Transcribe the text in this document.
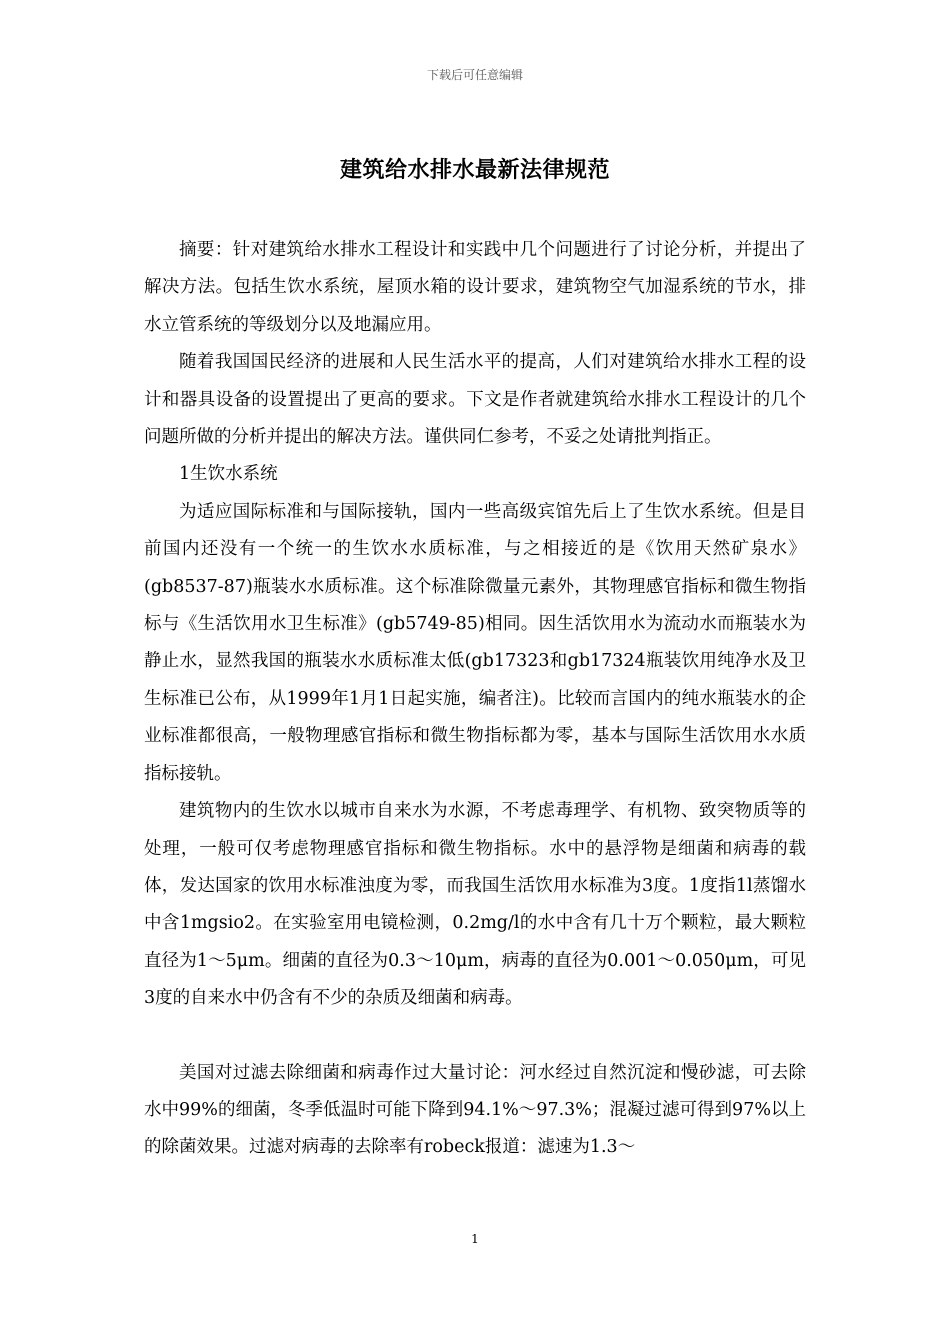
下载后可任意编辑
建筑给水排水最新法律规范

摘要：针对建筑给水排水工程设计和实践中几个问题进行了讨论分析，并提出了解决方法。包括生饮水系统，屋顶水箱的设计要求，建筑物空气加湿系统的节水，排水立管系统的等级划分以及地漏应用。

随着我国国民经济的进展和人民生活水平的提高，人们对建筑给水排水工程的设计和器具设备的设置提出了更高的要求。下文是作者就建筑给水排水工程设计的几个问题所做的分析并提出的解决方法。谨供同仁参考，不妥之处请批判指正。

1生饮水系统

为适应国际标准和与国际接轨，国内一些高级宾馆先后上了生饮水系统。但是目前国内还没有一个统一的生饮水水质标准，与之相接近的是《饮用天然矿泉水》(gb8537-87)瓶装水水质标准。这个标准除微量元素外，其物理感官指标和微生物指标与《生活饮用水卫生标准》(gb5749-85)相同。因生活饮用水为流动水而瓶装水为静止水，显然我国的瓶装水水质标准太低(gb17323和gb17324瓶装饮用纯净水及卫生标准已公布，从1999年1月1日起实施，编者注)。比较而言国内的纯水瓶装水的企业标准都很高，一般物理感官指标和微生物指标都为零，基本与国际生活饮用水水质指标接轨。

建筑物内的生饮水以城市自来水为水源，不考虑毒理学、有机物、致突物质等的处理，一般可仅考虑物理感官指标和微生物指标。水中的悬浮物是细菌和病毒的载体，发达国家的饮用水标准浊度为零，而我国生活饮用水标准为3度。1度指1l蒸馏水中含1mgsio2。在实验室用电镜检测，0.2mg/l的水中含有几十万个颗粒，最大颗粒直径为1～5μm。细菌的直径为0.3～10μm，病毒的直径为0.001～0.050μm，可见3度的自来水中仍含有不少的杂质及细菌和病毒。

美国对过滤去除细菌和病毒作过大量讨论：河水经过自然沉淀和慢砂滤，可去除水中99%的细菌，冬季低温时可能下降到94.1%～97.3%；混凝过滤可得到97%以上的除菌效果。过滤对病毒的去除率有robeck报道：滤速为1.3～

1
